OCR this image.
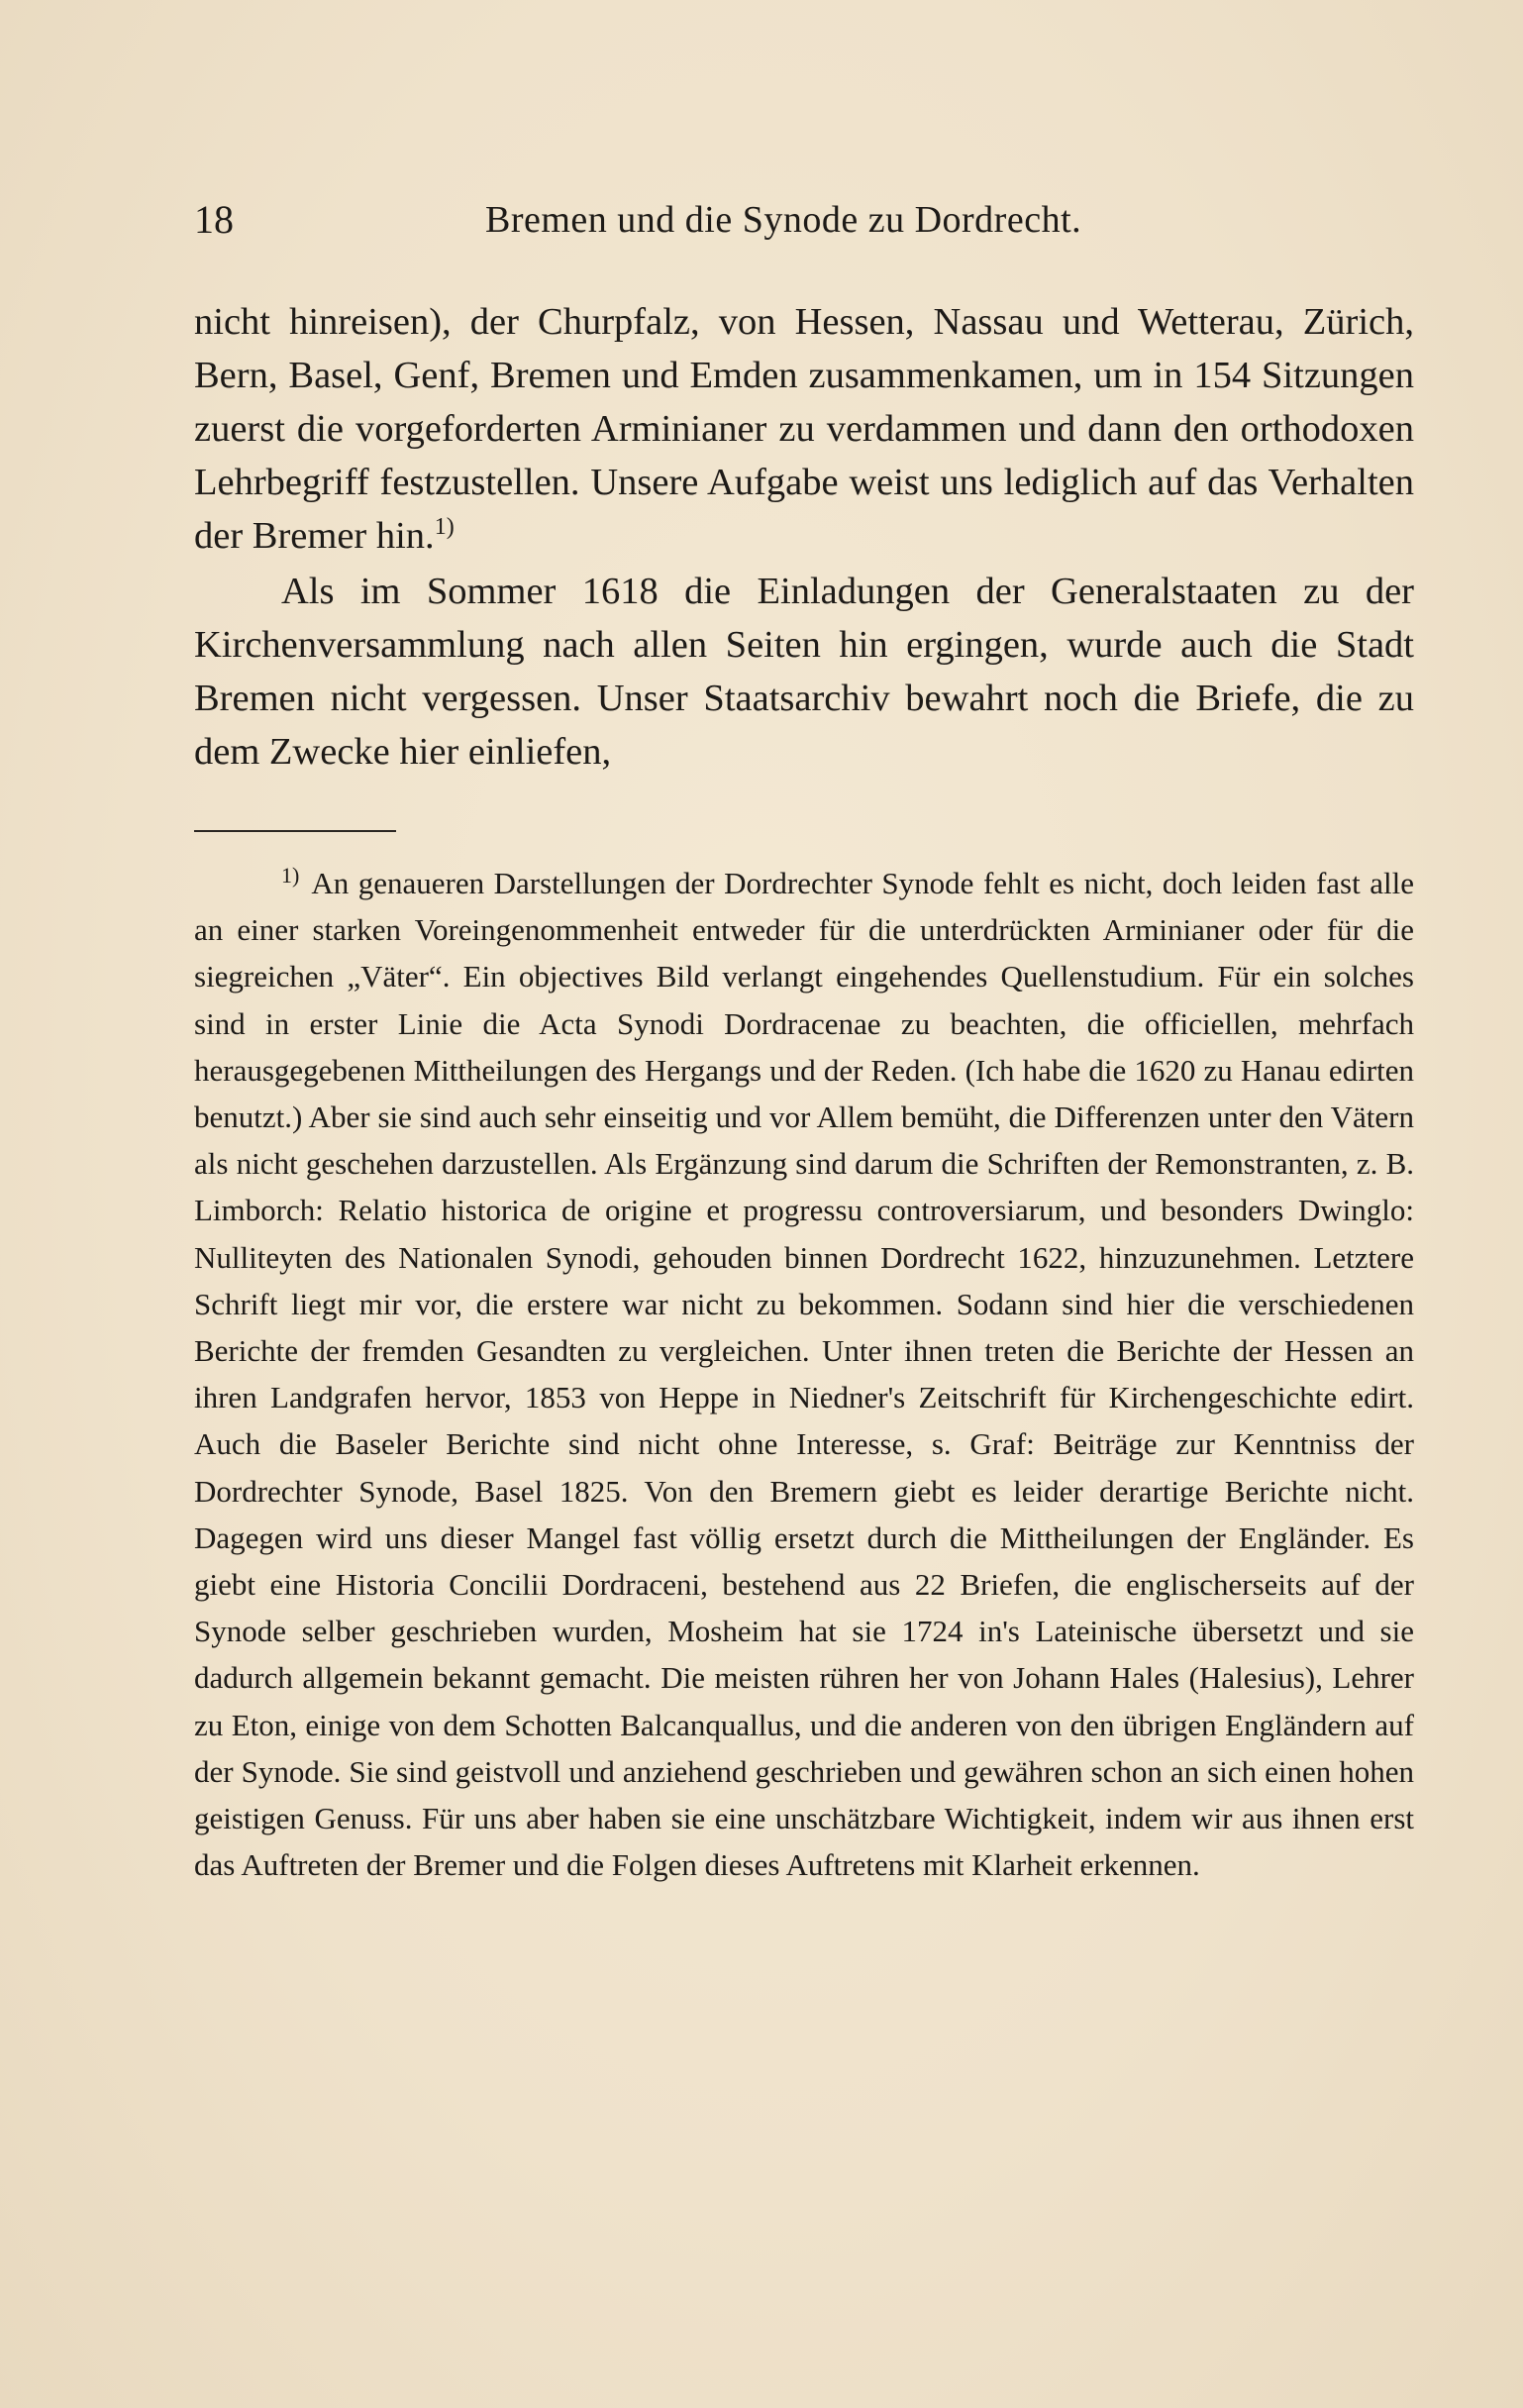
18	Bremen und die Synode zu Dordrecht.

nicht hinreisen), der Churpfalz, von Hessen, Nassau und Wetterau, Zürich, Bern, Basel, Genf, Bremen und Emden zusammenkamen, um in 154 Sitzungen zuerst die vorgeforderten Arminianer zu verdammen und dann den orthodoxen Lehrbegriff festzustellen. Unsere Aufgabe weist uns lediglich auf das Verhalten der Bremer hin.$^{1)}$

Als im Sommer 1618 die Einladungen der Generalstaaten zu der Kirchenversammlung nach allen Seiten hin ergingen, wurde auch die Stadt Bremen nicht vergessen. Unser Staatsarchiv bewahrt noch die Briefe, die zu dem Zwecke hier einliefen,

$^{1)}$ An genaueren Darstellungen der Dordrechter Synode fehlt es nicht, doch leiden fast alle an einer starken Voreingenommenheit entweder für die unterdrückten Arminianer oder für die siegreichen „Väter“. Ein objectives Bild verlangt eingehendes Quellenstudium. Für ein solches sind in erster Linie die Acta Synodi Dordracenae zu beachten, die officiellen, mehrfach herausgegebenen Mittheilungen des Hergangs und der Reden. (Ich habe die 1620 zu Hanau edirten benutzt.) Aber sie sind auch sehr einseitig und vor Allem bemüht, die Differenzen unter den Vätern als nicht geschehen darzustellen. Als Ergänzung sind darum die Schriften der Remonstranten, z. B. Limborch: Relatio historica de origine et progressu controversiarum, und besonders Dwinglo: Nulliteyten des Nationalen Synodi, gehouden binnen Dordrecht 1622, hinzuzunehmen. Letztere Schrift liegt mir vor, die erstere war nicht zu bekommen. Sodann sind hier die verschiedenen Berichte der fremden Gesandten zu vergleichen. Unter ihnen treten die Berichte der Hessen an ihren Landgrafen hervor, 1853 von Heppe in Niedner's Zeitschrift für Kirchengeschichte edirt. Auch die Baseler Berichte sind nicht ohne Interesse, s. Graf: Beiträge zur Kenntniss der Dordrechter Synode, Basel 1825. Von den Bremern giebt es leider derartige Berichte nicht. Dagegen wird uns dieser Mangel fast völlig ersetzt durch die Mittheilungen der Engländer. Es giebt eine Historia Concilii Dordraceni, bestehend aus 22 Briefen, die englischerseits auf der Synode selber geschrieben wurden, Mosheim hat sie 1724 in's Lateinische übersetzt und sie dadurch allgemein bekannt gemacht. Die meisten rühren her von Johann Hales (Halesius), Lehrer zu Eton, einige von dem Schotten Balcanquallus, und die anderen von den übrigen Engländern auf der Synode. Sie sind geistvoll und anziehend geschrieben und gewähren schon an sich einen hohen geistigen Genuss. Für uns aber haben sie eine unschätzbare Wichtigkeit, indem wir aus ihnen erst das Auftreten der Bremer und die Folgen dieses Auftretens mit Klarheit erkennen.
